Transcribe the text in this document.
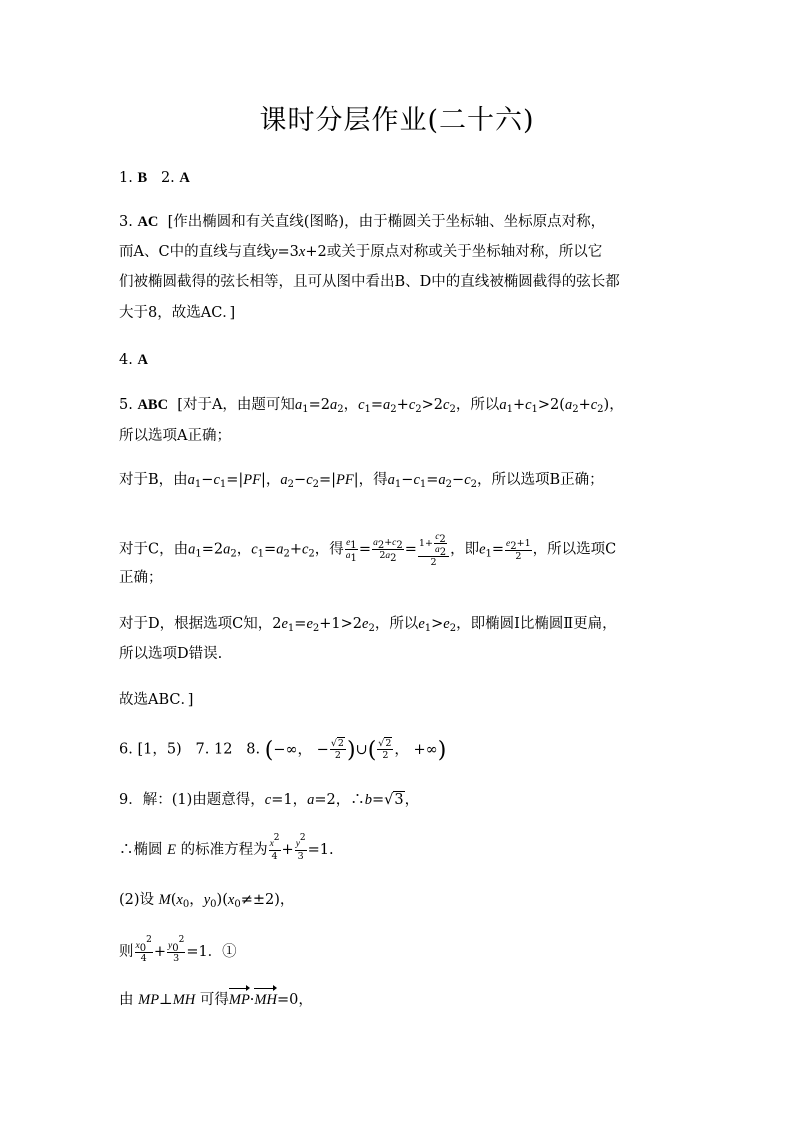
课时分层作业(二十六)
1. B 2. A
3. AC [作出椭圆和有关直线(图略)，由于椭圆关于坐标轴、坐标原点对称，
而A、C中的直线与直线y=3x+2或关于原点对称或关于坐标轴对称，所以它
们被椭圆截得的弦长相等，且可从图中看出B、D中的直线被椭圆截得的弦长都
大于8，故选AC．]
4. A
5. ABC [对于A，由题可知$a_1=2a_2$，$c_1=a_2+c_2>2c_2$，所以$a_1+c_1>2(a_2+c_2)$，
所以选项A正确；
对于B，由$a_1-c_1=|PF|$，$a_2-c_2=|PF|$，得$a_1-c_1=a_2-c_2$，所以选项B正确；
对于C，由$a_1=2a_2$，$c_1=a_2+c_2$，得 $\frac{e_1}{a_1} = \frac{a_2+c_2}{2a_2} = \frac{1+ \frac{c_2}{a_2}}{2}$ ，即$e_1= \frac{e_2+1}{2}$ ，所以选项C
正确；
对于D，根据选项C知，$2e_1=e_2+1>2e_2$，所以$e_1>e_2$，即椭圆Ⅰ比椭圆Ⅱ更扁，
所以选项D错误.
故选ABC．]
6. [1，5) 7. 12 8. (−∞， − $\frac{√2}{2}$ )∪( $\frac{√2}{2}$ ， +∞)
9．解：(1)由题意得，c=1，a=2，∴b=√3，
∴椭圆 E 的标准方程为 $\frac{x^2}{4} + \frac{y^2}{3} =1$.
(2)设 $M(x_0$，$y_0)(x_0\ne\pm 2)$，
则 $\frac{x_0^2}{4} + \frac{y_0^2}{3} =1$．①
由 MP⊥MH 可得MP·MH=0，
